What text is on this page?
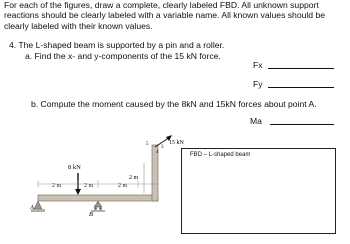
For each of the figures, draw a complete, clearly labeled FBD. All unknown support reactions should be clearly labeled with a variable name. All known values should be clearly labeled with their known values.
4. The L-shaped beam is supported by a pin and a roller.
a. Find the x- and y-components of the 15 kN force.
b. Compute the moment caused by the 8kN and 15kN forces about point A.
Fx
Fy
Ma
FBD – L-shaped beam
8 kN
15 kN
5
4
3
2 m
2 m	2 m	2 m
A
B
